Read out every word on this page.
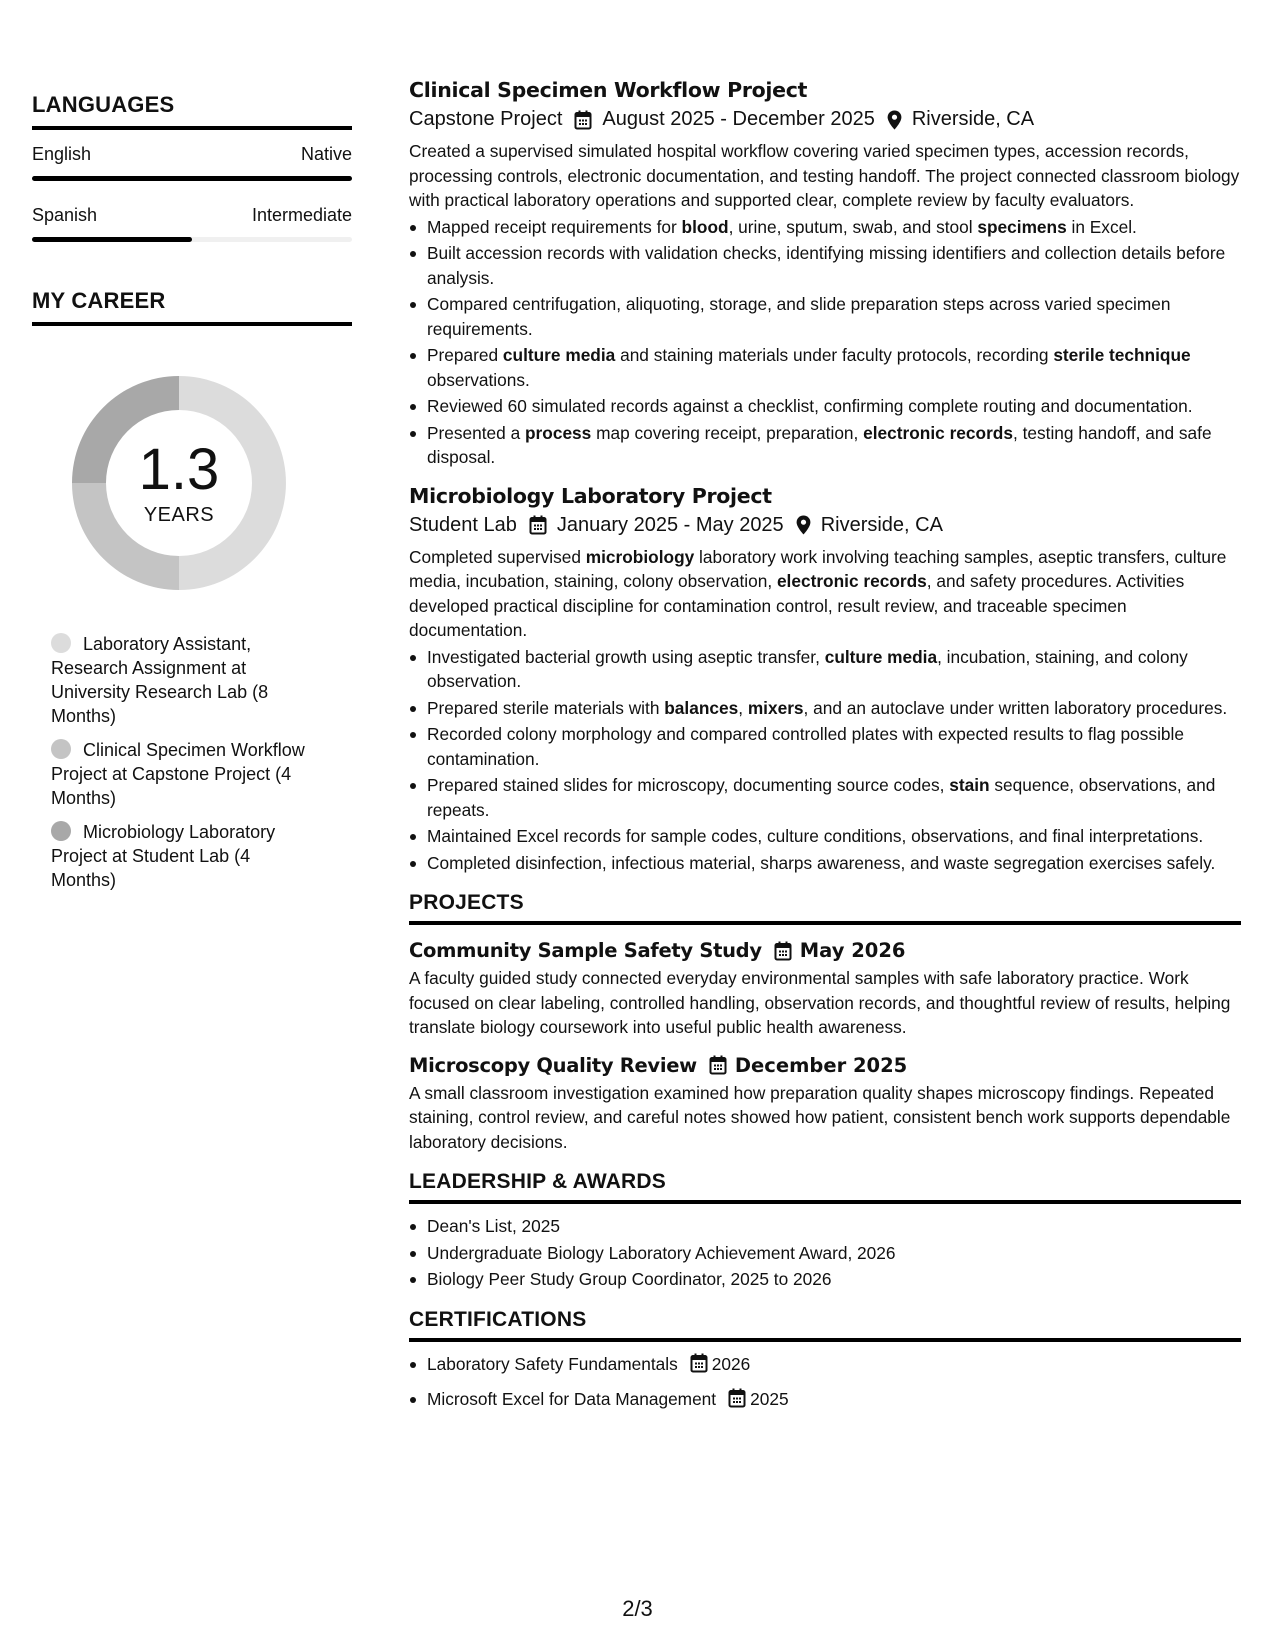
LANGUAGES
English	Native
Spanish	Intermediate
MY CAREER
1.3
YEARS
Laboratory Assistant, Research Assignment at University Research Lab (8 Months)
Clinical Specimen Workflow Project at Capstone Project (4 Months)
Microbiology Laboratory Project at Student Lab (4 Months)
Clinical Specimen Workflow Project
Capstone Project August 2025 - December 2025 Riverside, CA
Created a supervised simulated hospital workflow covering varied specimen types, accession records, processing controls, electronic documentation, and testing handoff. The project connected classroom biology with practical laboratory operations and supported clear, complete review by faculty evaluators.
Mapped receipt requirements for blood, urine, sputum, swab, and stool specimens in Excel.
Built accession records with validation checks, identifying missing identifiers and collection details before analysis.
Compared centrifugation, aliquoting, storage, and slide preparation steps across varied specimen requirements.
Prepared culture media and staining materials under faculty protocols, recording sterile technique observations.
Reviewed 60 simulated records against a checklist, confirming complete routing and documentation.
Presented a process map covering receipt, preparation, electronic records, testing handoff, and safe disposal.
Microbiology Laboratory Project
Student Lab January 2025 - May 2025 Riverside, CA
Completed supervised microbiology laboratory work involving teaching samples, aseptic transfers, culture media, incubation, staining, colony observation, electronic records, and safety procedures. Activities developed practical discipline for contamination control, result review, and traceable specimen documentation.
Investigated bacterial growth using aseptic transfer, culture media, incubation, staining, and colony observation.
Prepared sterile materials with balances, mixers, and an autoclave under written laboratory procedures.
Recorded colony morphology and compared controlled plates with expected results to flag possible contamination.
Prepared stained slides for microscopy, documenting source codes, stain sequence, observations, and repeats.
Maintained Excel records for sample codes, culture conditions, observations, and final interpretations.
Completed disinfection, infectious material, sharps awareness, and waste segregation exercises safely.
PROJECTS
Community Sample Safety Study May 2026
A faculty guided study connected everyday environmental samples with safe laboratory practice. Work focused on clear labeling, controlled handling, observation records, and thoughtful review of results, helping translate biology coursework into useful public health awareness.
Microscopy Quality Review December 2025
A small classroom investigation examined how preparation quality shapes microscopy findings. Repeated staining, control review, and careful notes showed how patient, consistent bench work supports dependable laboratory decisions.
LEADERSHIP & AWARDS
Dean's List, 2025
Undergraduate Biology Laboratory Achievement Award, 2026
Biology Peer Study Group Coordinator, 2025 to 2026
CERTIFICATIONS
Laboratory Safety Fundamentals 2026
Microsoft Excel for Data Management 2025
2/3
